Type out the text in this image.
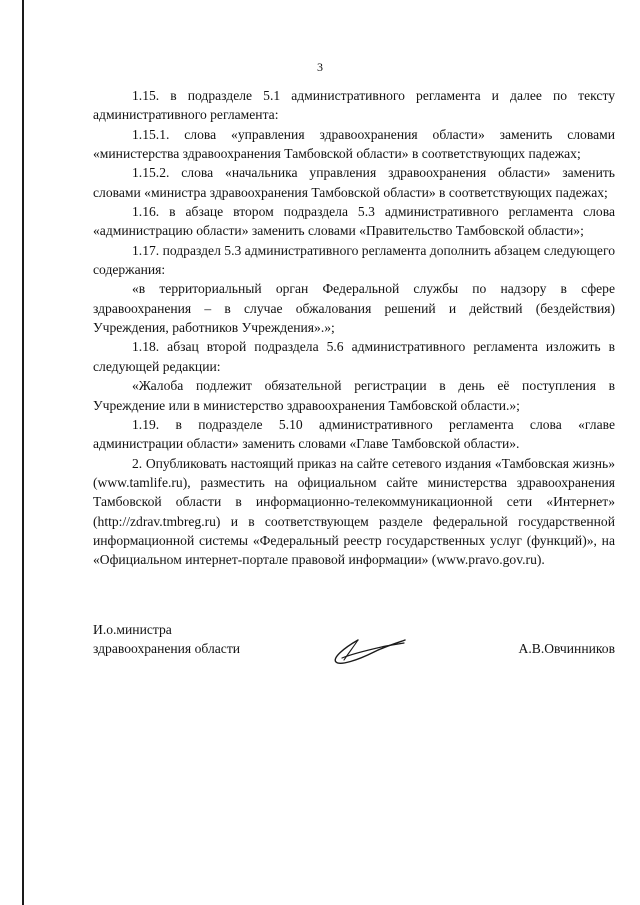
3

1.15. в подразделе 5.1 административного регламента и далее по тексту административного регламента:

1.15.1. слова «управления здравоохранения области» заменить словами «министерства здравоохранения Тамбовской области» в соответствующих падежах;

1.15.2. слова «начальника управления здравоохранения области» заменить словами «министра здравоохранения Тамбовской области» в соответствующих падежах;

1.16. в абзаце втором подраздела 5.3 административного регламента слова «администрацию области» заменить словами «Правительство Тамбовской области»;

1.17. подраздел 5.3 административного регламента дополнить абзацем следующего содержания:

«в территориальный орган Федеральной службы по надзору в сфере здравоохранения – в случае обжалования решений и действий (бездействия) Учреждения, работников Учреждения».»;

1.18. абзац второй подраздела 5.6 административного регламента изложить в следующей редакции:

«Жалоба подлежит обязательной регистрации в день её поступления в Учреждение или в министерство здравоохранения Тамбовской области.»;

1.19. в подразделе 5.10 административного регламента слова «главе администрации области» заменить словами «Главе Тамбовской области».

2. Опубликовать настоящий приказ на сайте сетевого издания «Тамбовская жизнь» (www.tamlife.ru), разместить на официальном сайте министерства здравоохранения Тамбовской области в информационно-телекоммуникационной сети «Интернет» (http://zdrav.tmbreg.ru) и в соответствующем разделе федеральной государственной информационной системы «Федеральный реестр государственных услуг (функций)», на «Официальном интернет-портале правовой информации» (www.pravo.gov.ru).

И.о.министра
здравоохранения области	А.В.Овчинников
